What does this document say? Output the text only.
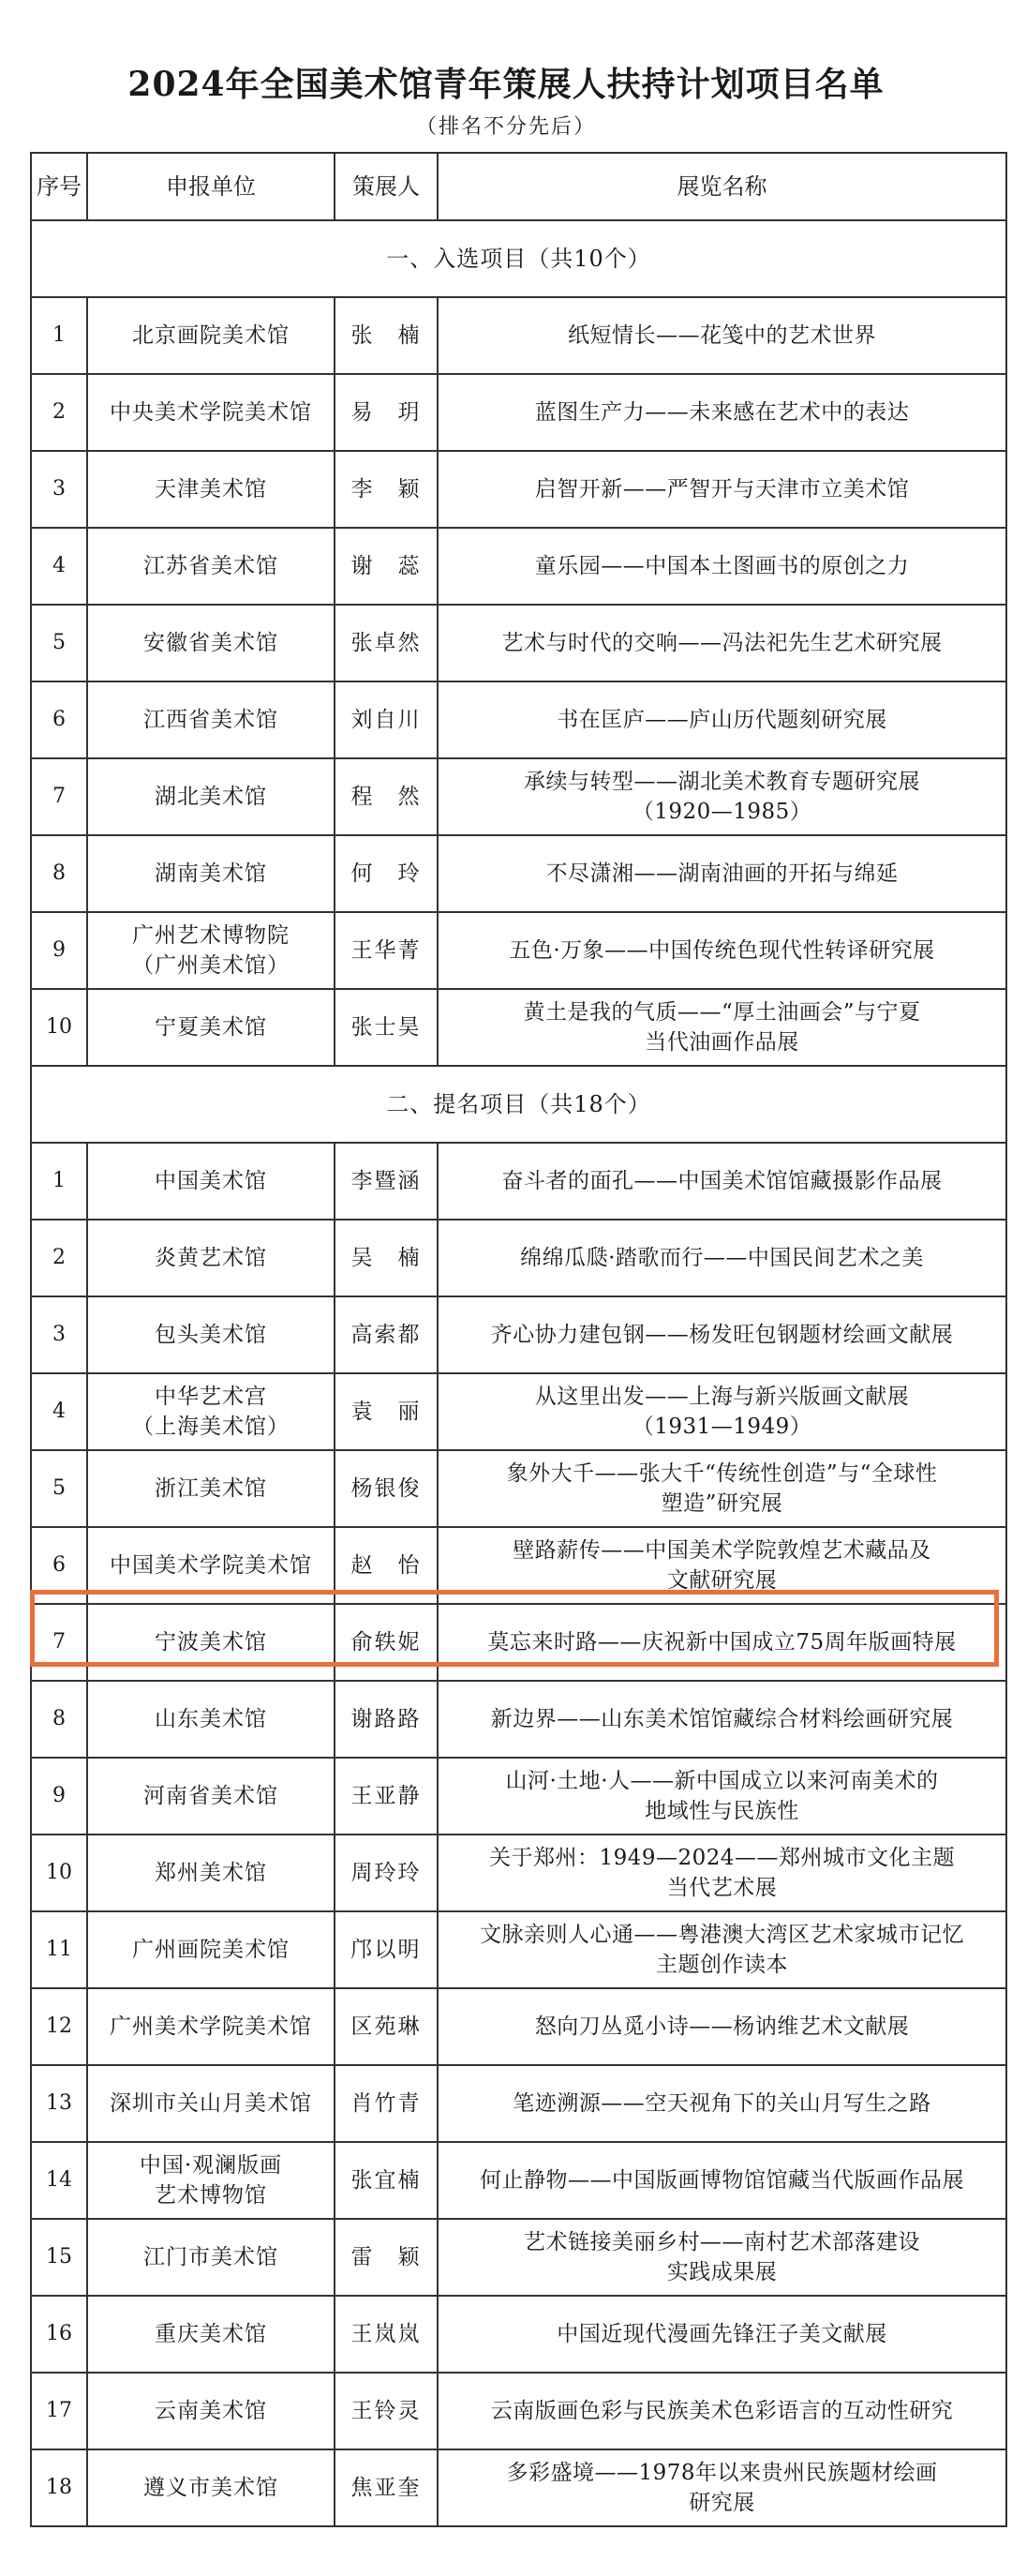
2024年全国美术馆青年策展人扶持计划项目名单
（排名不分先后）
序号	申报单位	策展人	展览名称
一、入选项目（共10个）			
1	北京画院美术馆	张　楠	纸短情长——花笺中的艺术世界

2	中央美术学院美术馆	易　玥	蓝图生产力——未来感在艺术中的表达

3	天津美术馆	李　颖	启智开新——严智开与天津市立美术馆

4	江苏省美术馆	谢　蕊	童乐园——中国本土图画书的原创之力

5	安徽省美术馆	张卓然	艺术与时代的交响——冯法祀先生艺术研究展

6	江西省美术馆	刘自川	书在匡庐——庐山历代题刻研究展

7	湖北美术馆	程　然	承续与转型——湖北美术教育专题研究展
（1920—1985）

8	湖南美术馆	何　玲	不尽潇湘——湖南油画的开拓与绵延

9	广州艺术博物院
（广州美术馆）	王华菁	五色·万象——中国传统色现代性转译研究展

10	宁夏美术馆	张士昊	黄土是我的气质——“厚土油画会”与宁夏
当代油画作品展

二、提名项目（共18个）			
1	中国美术馆	李暨涵	奋斗者的面孔——中国美术馆馆藏摄影作品展

2	炎黄艺术馆	吴　楠	绵绵瓜瓞·踏歌而行——中国民间艺术之美

3	包头美术馆	高索都	齐心协力建包钢——杨发旺包钢题材绘画文献展

4	中华艺术宫
（上海美术馆）	袁　丽	从这里出发——上海与新兴版画文献展
（1931—1949）

5	浙江美术馆	杨银俊	象外大千——张大千“传统性创造”与“全球性
塑造”研究展

6	中国美术学院美术馆	赵　怡	壁路薪传——中国美术学院敦煌艺术藏品及
文献研究展

7	宁波美术馆	俞轶妮	莫忘来时路——庆祝新中国成立75周年版画特展

8	山东美术馆	谢路路	新边界——山东美术馆馆藏综合材料绘画研究展

9	河南省美术馆	王亚静	山河·土地·人——新中国成立以来河南美术的
地域性与民族性

10	郑州美术馆	周玲玲	关于郑州：1949—2024——郑州城市文化主题
当代艺术展

11	广州画院美术馆	邝以明	文脉亲则人心通——粤港澳大湾区艺术家城市记忆
主题创作读本

12	广州美术学院美术馆	区苑琳	怒向刀丛觅小诗——杨讷维艺术文献展

13	深圳市关山月美术馆	肖竹青	笔迹溯源——空天视角下的关山月写生之路

14	中国·观澜版画
艺术博物馆	张宜楠	何止静物——中国版画博物馆馆藏当代版画作品展

15	江门市美术馆	雷　颖	艺术链接美丽乡村——南村艺术部落建设
实践成果展

16	重庆美术馆	王岚岚	中国近现代漫画先锋汪子美文献展

17	云南美术馆	王铃灵	云南版画色彩与民族美术色彩语言的互动性研究

18	遵义市美术馆	焦亚奎	多彩盛境——1978年以来贵州民族题材绘画
研究展
